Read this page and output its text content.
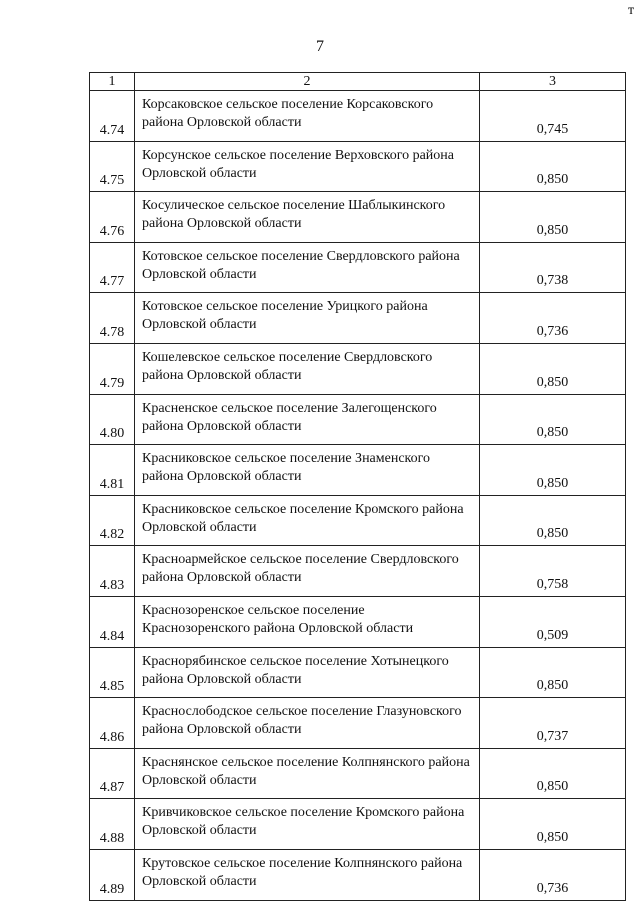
т
7
1	2	3
4.74	Корсаковское сельское поселение Корсаковского района Орловской области	0,745
4.75	Корсунское сельское поселение Верховского района Орловской области	0,850
4.76	Косулическое сельское поселение Шаблыкинского района Орловской области	0,850
4.77	Котовское сельское поселение Свердловского района Орловской области	0,738
4.78	Котовское сельское поселение Урицкого района Орловской области	0,736
4.79	Кошелевское сельское поселение Свердловского района Орловской области	0,850
4.80	Красненское сельское поселение Залегощенского района Орловской области	0,850
4.81	Красниковское сельское поселение Знаменского района Орловской области	0,850
4.82	Красниковское сельское поселение Кромского района Орловской области	0,850
4.83	Красноармейское сельское поселение Свердловского района Орловской области	0,758
4.84	Краснозоренское сельское поселение Краснозоренского района Орловской области	0,509
4.85	Краснорябинское сельское поселение Хотынецкого района Орловской области	0,850
4.86	Краснослободское сельское поселение Глазуновского района Орловской области	0,737
4.87	Краснянское сельское поселение Колпнянского района Орловской области	0,850
4.88	Кривчиковское сельское поселение Кромского района Орловской области	0,850
4.89	Крутовское сельское поселение Колпнянского района Орловской области	0,736
